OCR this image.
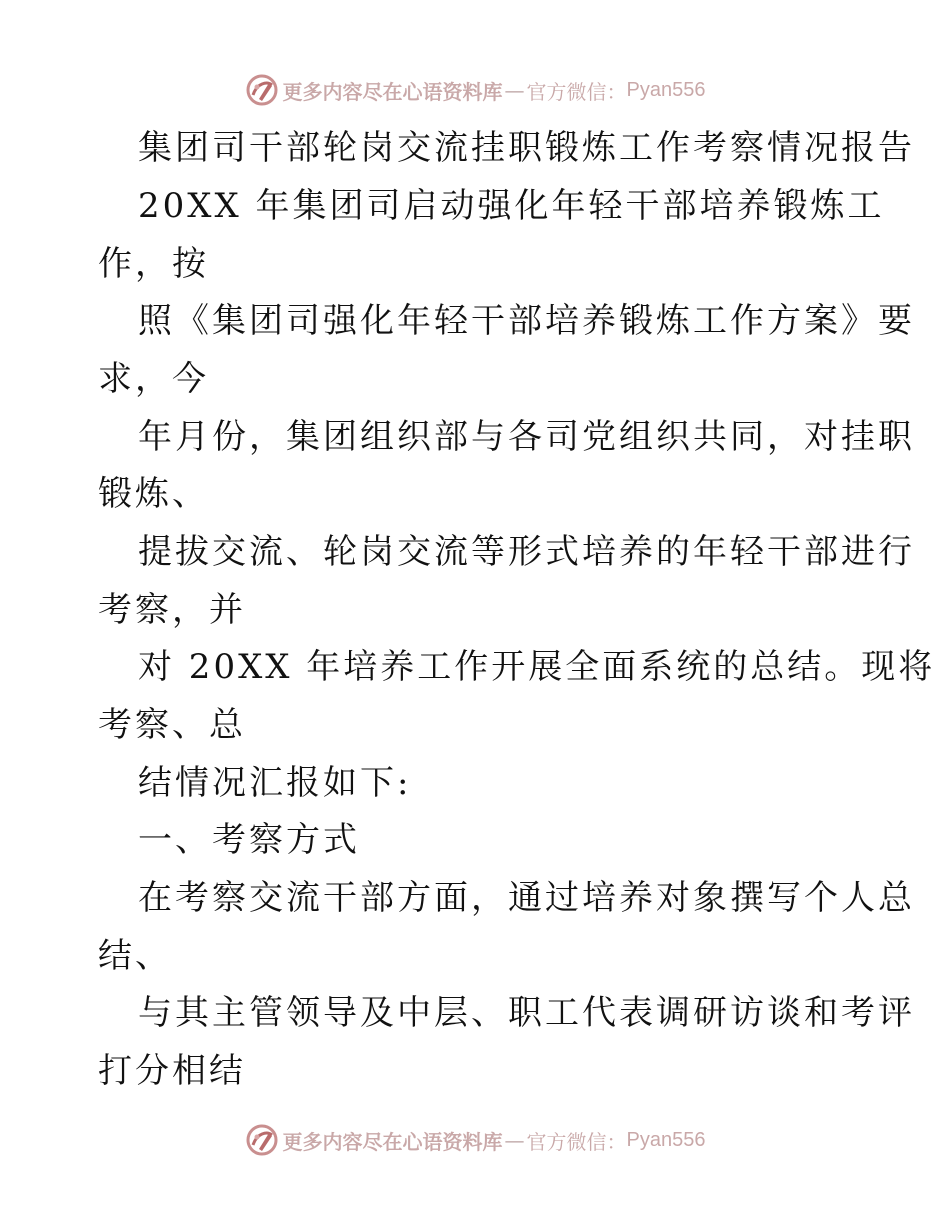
更多内容尽在心语资料库 — 官方微信： Pyan556
集团司干部轮岗交流挂职锻炼工作考察情况报告
20XX 年集团司启动强化年轻干部培养锻炼工
作，按
照《集团司强化年轻干部培养锻炼工作方案》要
求，今
年月份，集团组织部与各司党组织共同，对挂职
锻炼、
提拔交流、轮岗交流等形式培养的年轻干部进行
考察，并
对 20XX 年培养工作开展全面系统的总结。现将
考察、总
结情况汇报如下:
一、考察方式
在考察交流干部方面，通过培养对象撰写个人总
结、
与其主管领导及中层、职工代表调研访谈和考评
打分相结
更多内容尽在心语资料库 — 官方微信： Pyan556
